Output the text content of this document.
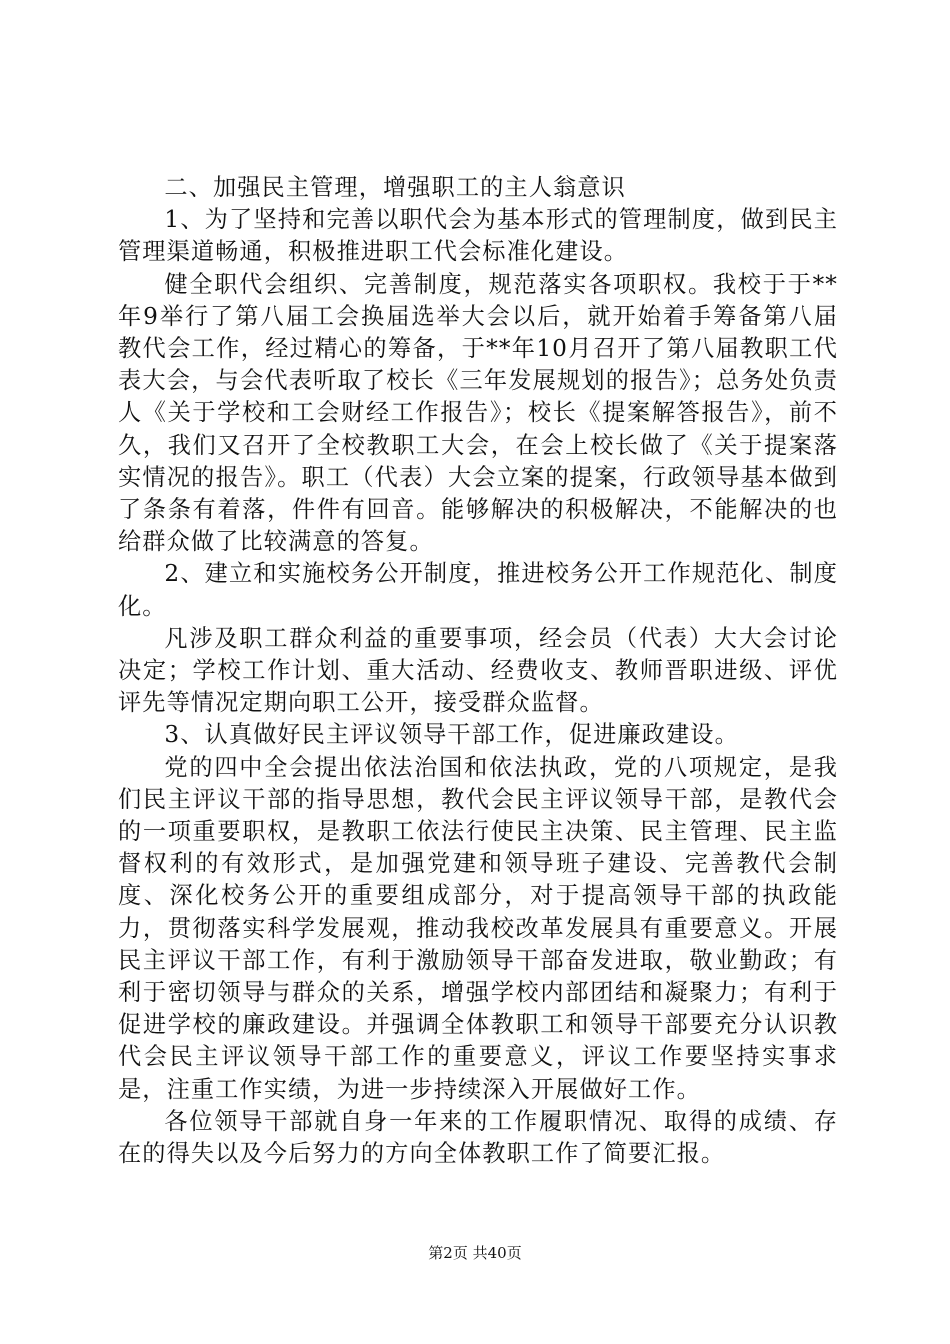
二、加强民主管理，增强职工的主人翁意识

1、为了坚持和完善以职代会为基本形式的管理制度，做到民主管理渠道畅通，积极推进职工代会标准化建设。

健全职代会组织、完善制度，规范落实各项职权。我校于于**年9举行了第八届工会换届选举大会以后，就开始着手筹备第八届教代会工作，经过精心的筹备，于**年10月召开了第八届教职工代表大会，与会代表听取了校长《三年发展规划的报告》；总务处负责人《关于学校和工会财经工作报告》；校长《提案解答报告》，前不久，我们又召开了全校教职工大会，在会上校长做了《关于提案落实情况的报告》。职工（代表）大会立案的提案，行政领导基本做到了条条有着落，件件有回音。能够解决的积极解决，不能解决的也给群众做了比较满意的答复。

2、建立和实施校务公开制度，推进校务公开工作规范化、制度化。

凡涉及职工群众利益的重要事项，经会员（代表）大大会讨论决定；学校工作计划、重大活动、经费收支、教师晋职进级、评优评先等情况定期向职工公开，接受群众监督。

3、认真做好民主评议领导干部工作，促进廉政建设。

党的四中全会提出依法治国和依法执政，党的八项规定，是我们民主评议干部的指导思想，教代会民主评议领导干部，是教代会的一项重要职权，是教职工依法行使民主决策、民主管理、民主监督权利的有效形式，是加强党建和领导班子建设、完善教代会制度、深化校务公开的重要组成部分，对于提高领导干部的执政能力，贯彻落实科学发展观，推动我校改革发展具有重要意义。开展民主评议干部工作，有利于激励领导干部奋发进取，敬业勤政；有利于密切领导与群众的关系，增强学校内部团结和凝聚力；有利于促进学校的廉政建设。并强调全体教职工和领导干部要充分认识教代会民主评议领导干部工作的重要意义，评议工作要坚持实事求是，注重工作实绩，为进一步持续深入开展做好工作。

各位领导干部就自身一年来的工作履职情况、取得的成绩、存在的得失以及今后努力的方向全体教职工作了简要汇报。

第2页 共40页
